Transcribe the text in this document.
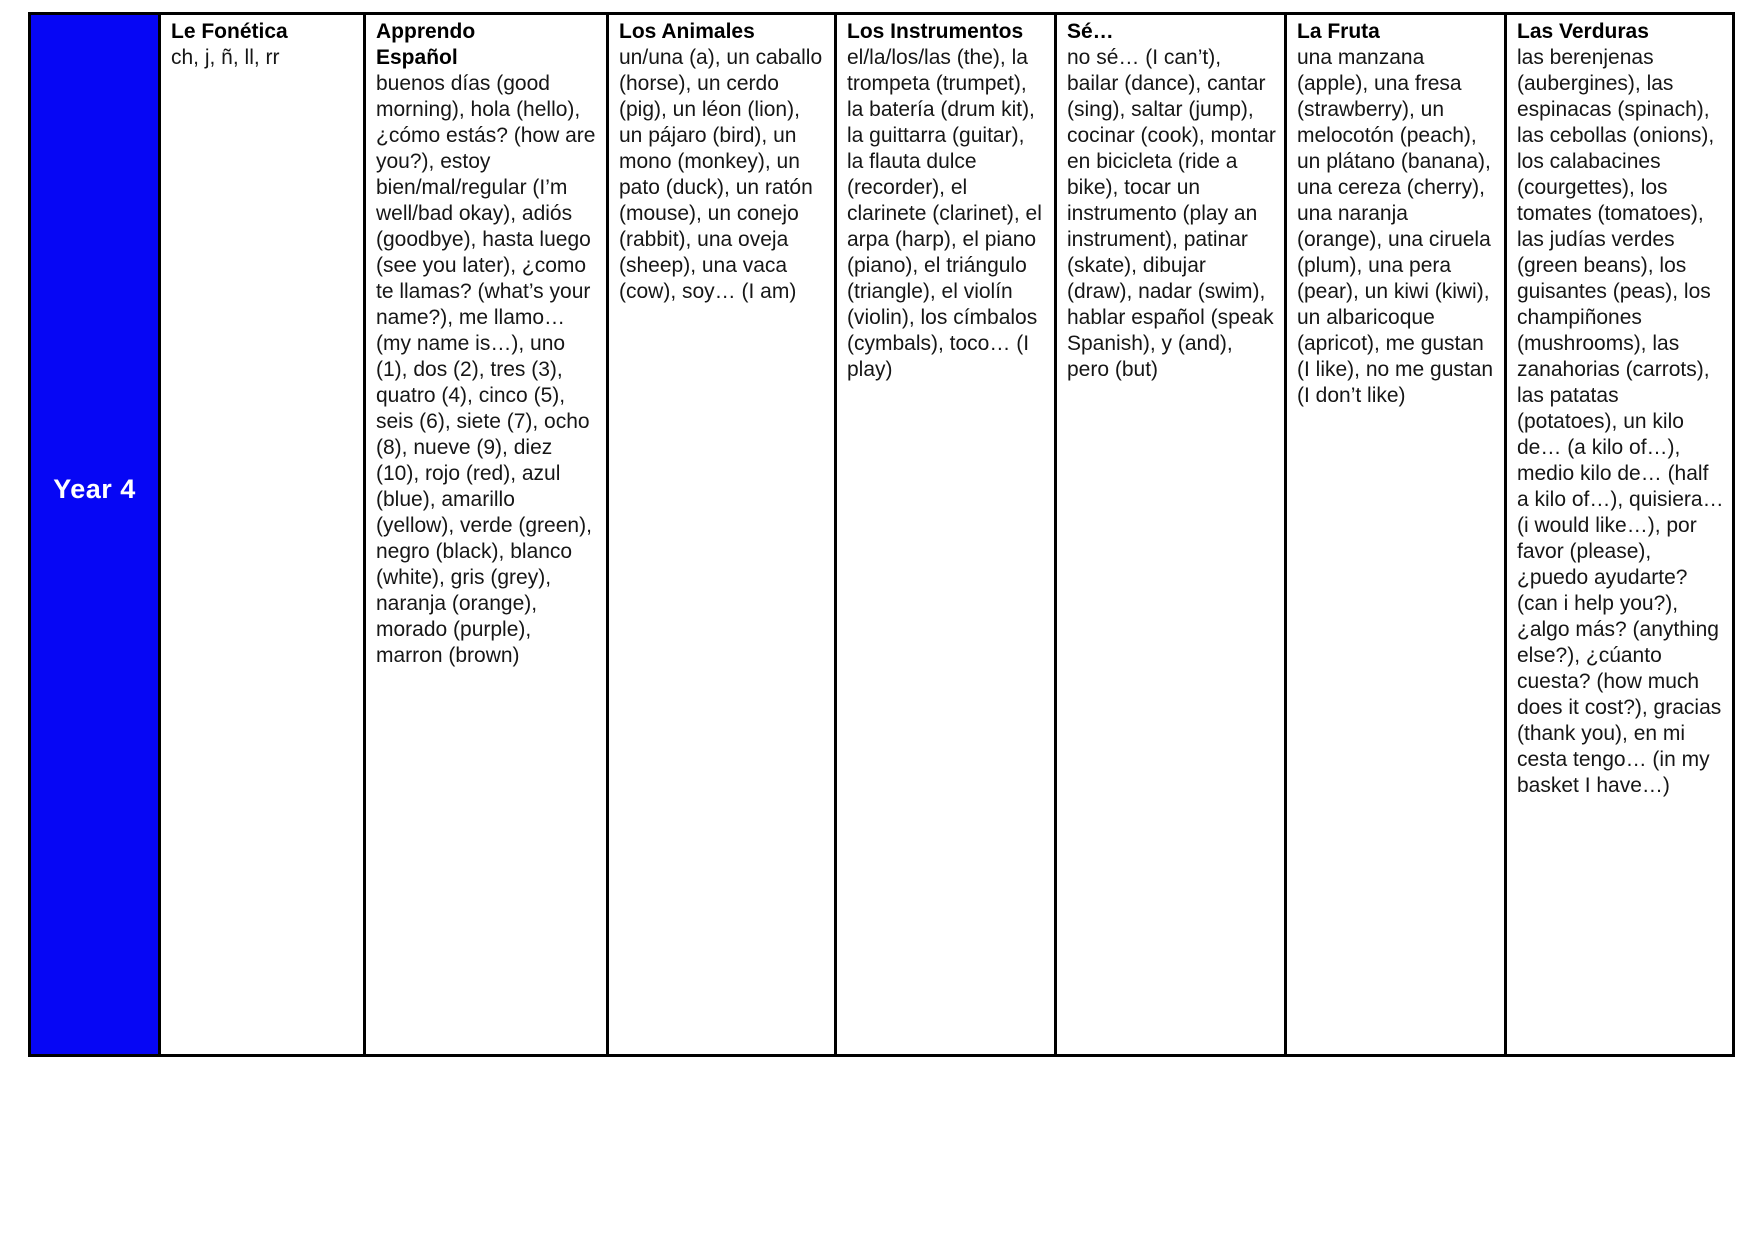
Year 4
Le Fonética
ch, j, ñ, ll, rr
Apprendo Español
buenos días (good morning), hola (hello), ¿cómo estás? (how are you?), estoy bien/mal/regular (I’m well/bad okay), adiós (goodbye), hasta luego (see you later), ¿como te llamas? (what’s your name?), me llamo… (my name is…), uno (1), dos (2), tres (3), quatro (4), cinco (5), seis (6), siete (7), ocho (8), nueve (9), diez (10), rojo (red), azul (blue), amarillo (yellow), verde (green), negro (black), blanco (white), gris (grey), naranja (orange), morado (purple), marron (brown)
Los Animales
un/una (a), un caballo (horse), un cerdo (pig), un léon (lion), un pájaro (bird), un mono (monkey), un pato (duck), un ratón (mouse), un conejo (rabbit), una oveja (sheep), una vaca (cow), soy… (I am)
Los Instrumentos
el/la/los/las (the), la trompeta (trumpet), la batería (drum kit), la guittarra (guitar), la flauta dulce (recorder), el clarinete (clarinet), el arpa (harp), el piano (piano), el triángulo (triangle), el violín (violin), los címbalos (cymbals), toco… (I play)
Sé…
no sé… (I can’t), bailar (dance), cantar (sing), saltar (jump), cocinar (cook), montar en bicicleta (ride a bike), tocar un instrumento (play an instrument), patinar (skate), dibujar (draw), nadar (swim), hablar español (speak Spanish), y (and), pero (but)
La Fruta
una manzana (apple), una fresa (strawberry), un melocotón (peach), un plátano (banana), una cereza (cherry), una naranja (orange), una ciruela (plum), una pera (pear), un kiwi (kiwi), un albaricoque (apricot), me gustan (I like), no me gustan (I don’t like)
Las Verduras
las berenjenas (aubergines), las espinacas (spinach), las cebollas (onions), los calabacines (courgettes), los tomates (tomatoes), las judías verdes (green beans), los guisantes (peas), los champiñones (mushrooms), las zanahorias (carrots), las patatas (potatoes), un kilo de… (a kilo of…), medio kilo de… (half a kilo of…), quisiera… (i would like…), por favor (please), ¿puedo ayudarte? (can i help you?), ¿algo más? (anything else?), ¿cúanto cuesta? (how much does it cost?), gracias (thank you), en mi cesta tengo… (in my basket I have…)
